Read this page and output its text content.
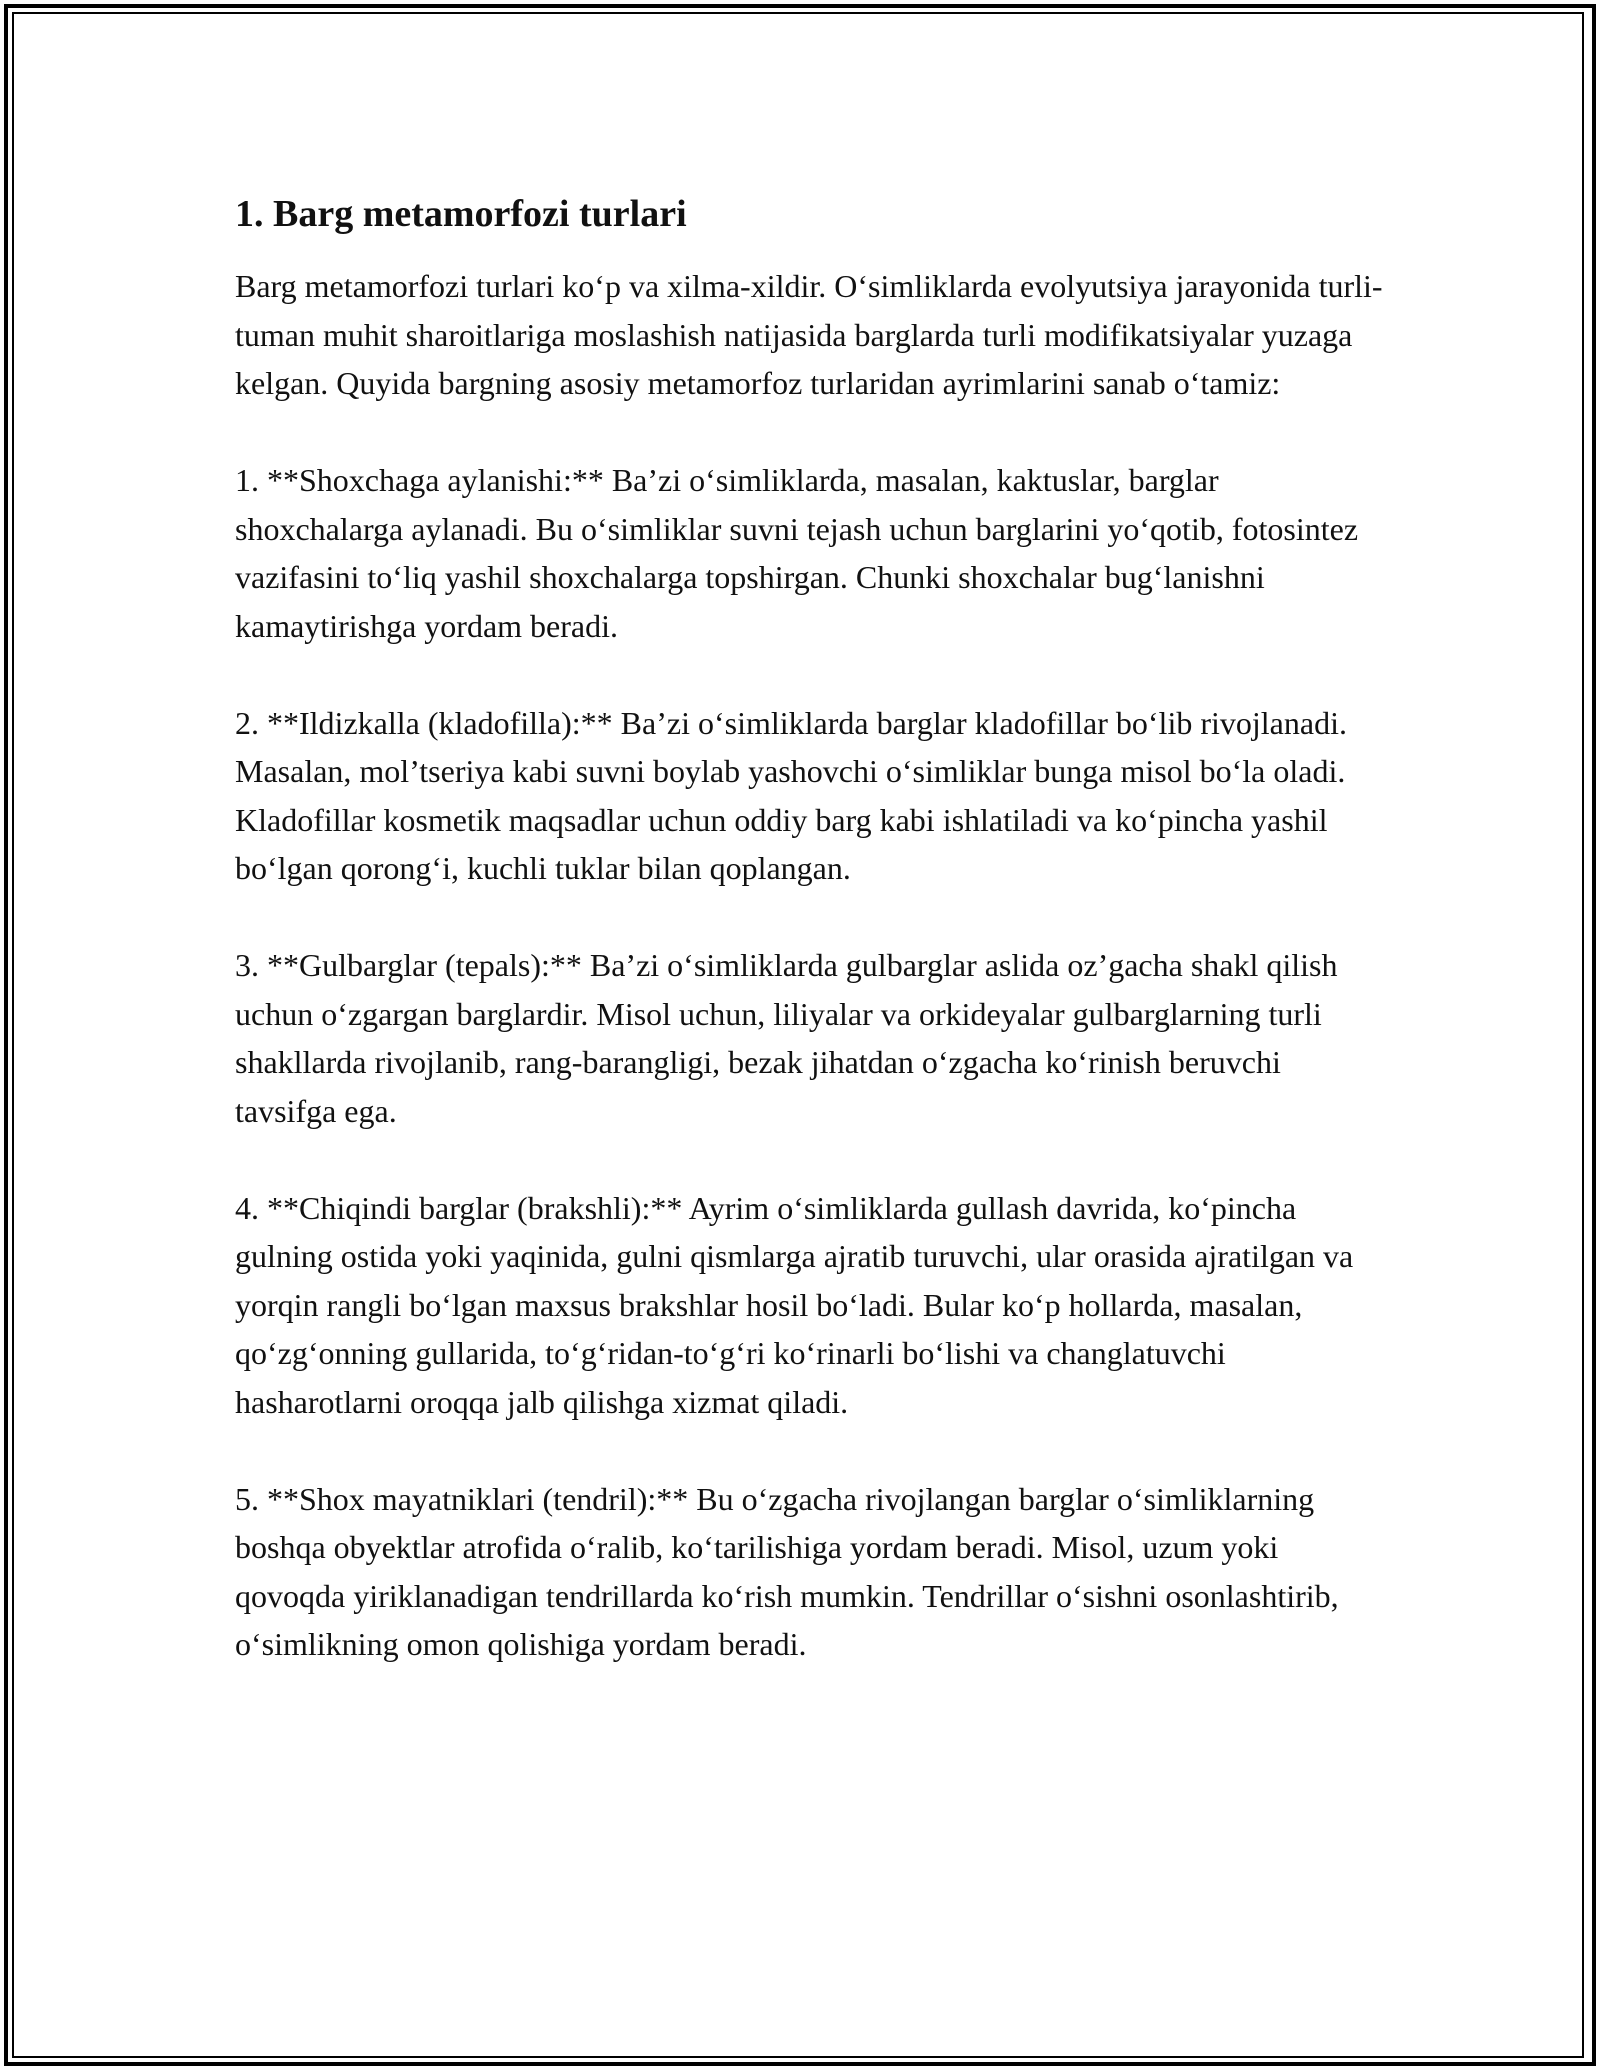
1. Barg metamorfozi turlari

Barg metamorfozi turlari koʻp va xilma-xildir. Oʻsimliklarda evolyutsiya jarayonida turli-tuman muhit sharoitlariga moslashish natijasida barglarda turli modifikatsiyalar yuzaga kelgan. Quyida bargning asosiy metamorfoz turlaridan ayrimlarini sanab oʻtamiz:

1. **Shoxchaga aylanishi:** Ba’zi oʻsimliklarda, masalan, kaktuslar, barglar shoxchalarga aylanadi. Bu oʻsimliklar suvni tejash uchun barglarini yoʻqotib, fotosintez vazifasini toʻliq yashil shoxchalarga topshirgan. Chunki shoxchalar bugʻlanishni kamaytirishga yordam beradi.

2. **Ildizkalla (kladofilla):** Ba’zi oʻsimliklarda barglar kladofillar boʻlib rivojlanadi. Masalan, mol’tseriya kabi suvni boylab yashovchi oʻsimliklar bunga misol boʻla oladi. Kladofillar kosmetik maqsadlar uchun oddiy barg kabi ishlatiladi va koʻpincha yashil boʻlgan qorongʻi, kuchli tuklar bilan qoplangan.

3. **Gulbarglar (tepals):** Ba’zi oʻsimliklarda gulbarglar aslida oz’gacha shakl qilish uchun oʻzgargan barglardir. Misol uchun, liliyalar va orkideyalar gulbarglarning turli shakllarda rivojlanib, rang-barangligi, bezak jihatdan oʻzgacha koʻrinish beruvchi tavsifga ega.

4. **Chiqindi barglar (brakshli):** Ayrim oʻsimliklarda gullash davrida, koʻpincha gulning ostida yoki yaqinida, gulni qismlarga ajratib turuvchi, ular orasida ajratilgan va yorqin rangli boʻlgan maxsus brakshlar hosil boʻladi. Bular koʻp hollarda, masalan, qoʻzgʻonning gullarida, toʻgʻridan-toʻgʻri koʻrinarli boʻlishi va changlatuvchi hasharotlarni oroqqa jalb qilishga xizmat qiladi.

5. **Shox mayatniklari (tendril):** Bu oʻzgacha rivojlangan barglar oʻsimliklarning boshqa obyektlar atrofida oʻralib, koʻtarilishiga yordam beradi. Misol, uzum yoki qovoqda yiriklanadigan tendrillarda koʻrish mumkin. Tendrillar oʻsishni osonlashtirib, oʻsimlikning omon qolishiga yordam beradi.
